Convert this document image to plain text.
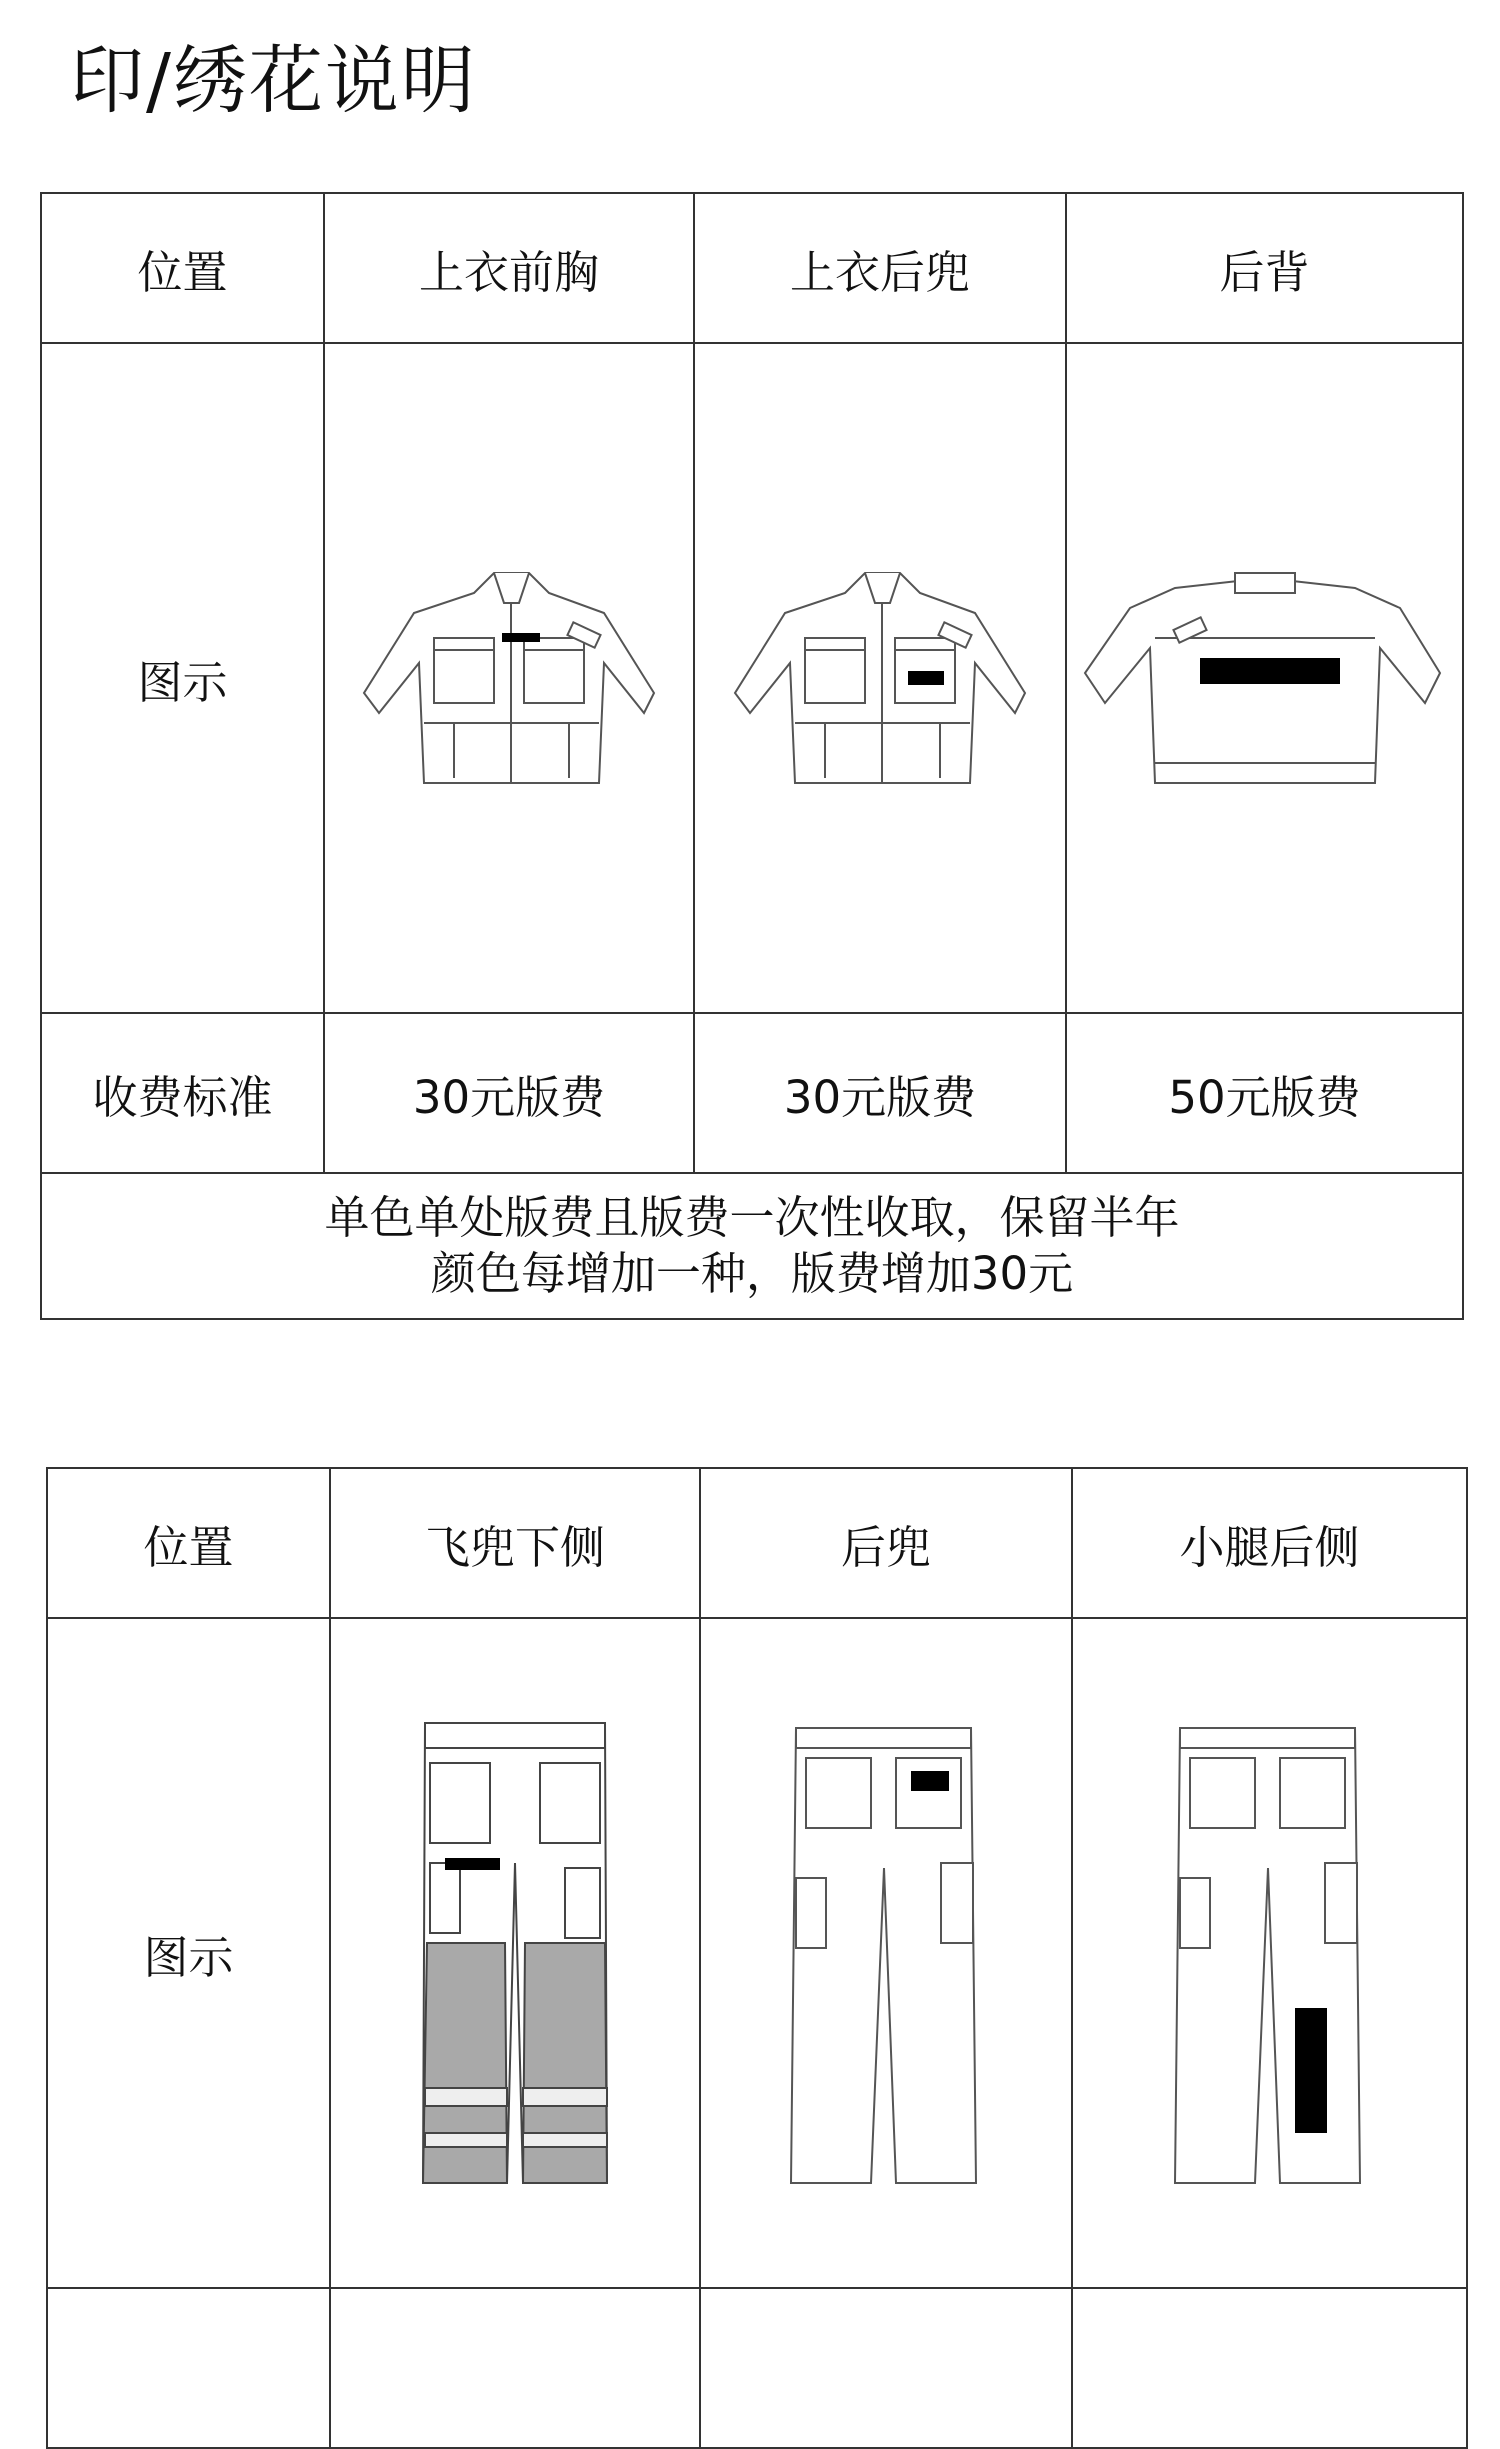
印/绣花说明
位置	上衣前胸	上衣后兜	后背
图示	

收费标准	30元版费	30元版费	50元版费

单色单处版费且版费一次性收取，保留半年
颜色每增加一种，版费增加30元			
位置	飞兜下侧	后兜	小腿后侧
图示	
